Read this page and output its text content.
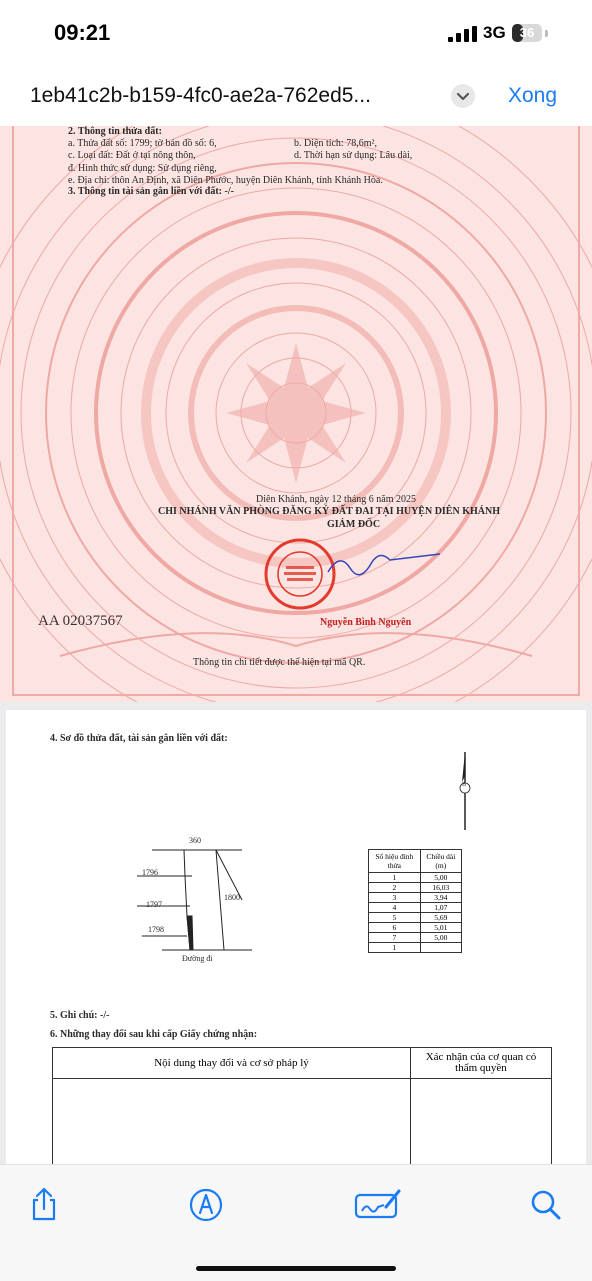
09:21	3G	36
1eb41c2b-b159-4fc0-ae2a-762ed5...	Xong
2. Thông tin thửa đất:
a. Thửa đất số: 1799; tờ bản đồ số: 6,	b. Diện tích: 78,6m²,
c. Loại đất: Đất ở tại nông thôn,	d. Thời hạn sử dụng: Lâu dài,
đ. Hình thức sử dụng: Sử dụng riêng,
e. Địa chỉ: thôn An Định, xã Diên Phước, huyện Diên Khánh, tỉnh Khánh Hòa.
3. Thông tin tài sản gắn liền với đất: -/-
Diên Khánh, ngày 12 tháng 6 năm 2025
CHI NHÁNH VĂN PHÒNG ĐĂNG KÝ ĐẤT ĐAI TẠI HUYỆN DIÊN KHÁNH
GIÁM ĐỐC
AA 02037567	Nguyễn Bình Nguyên
Thông tin chi tiết được thể hiện tại mã QR.
4. Sơ đồ thửa đất, tài sản gắn liền với đất:
B
360
1796
1797
1798
1800
Đường đi
Số hiệu đỉnh thửa	Chiều dài (m)
1	5,00
2	16,03
3	3,94
4	1,07
5	5,69
6	5,01
7	5,00
1	
5. Ghi chú: -/-
6. Những thay đổi sau khi cấp Giấy chứng nhận:
Nội dung thay đổi và cơ sở pháp lý	Xác nhận của cơ quan có thẩm quyền
